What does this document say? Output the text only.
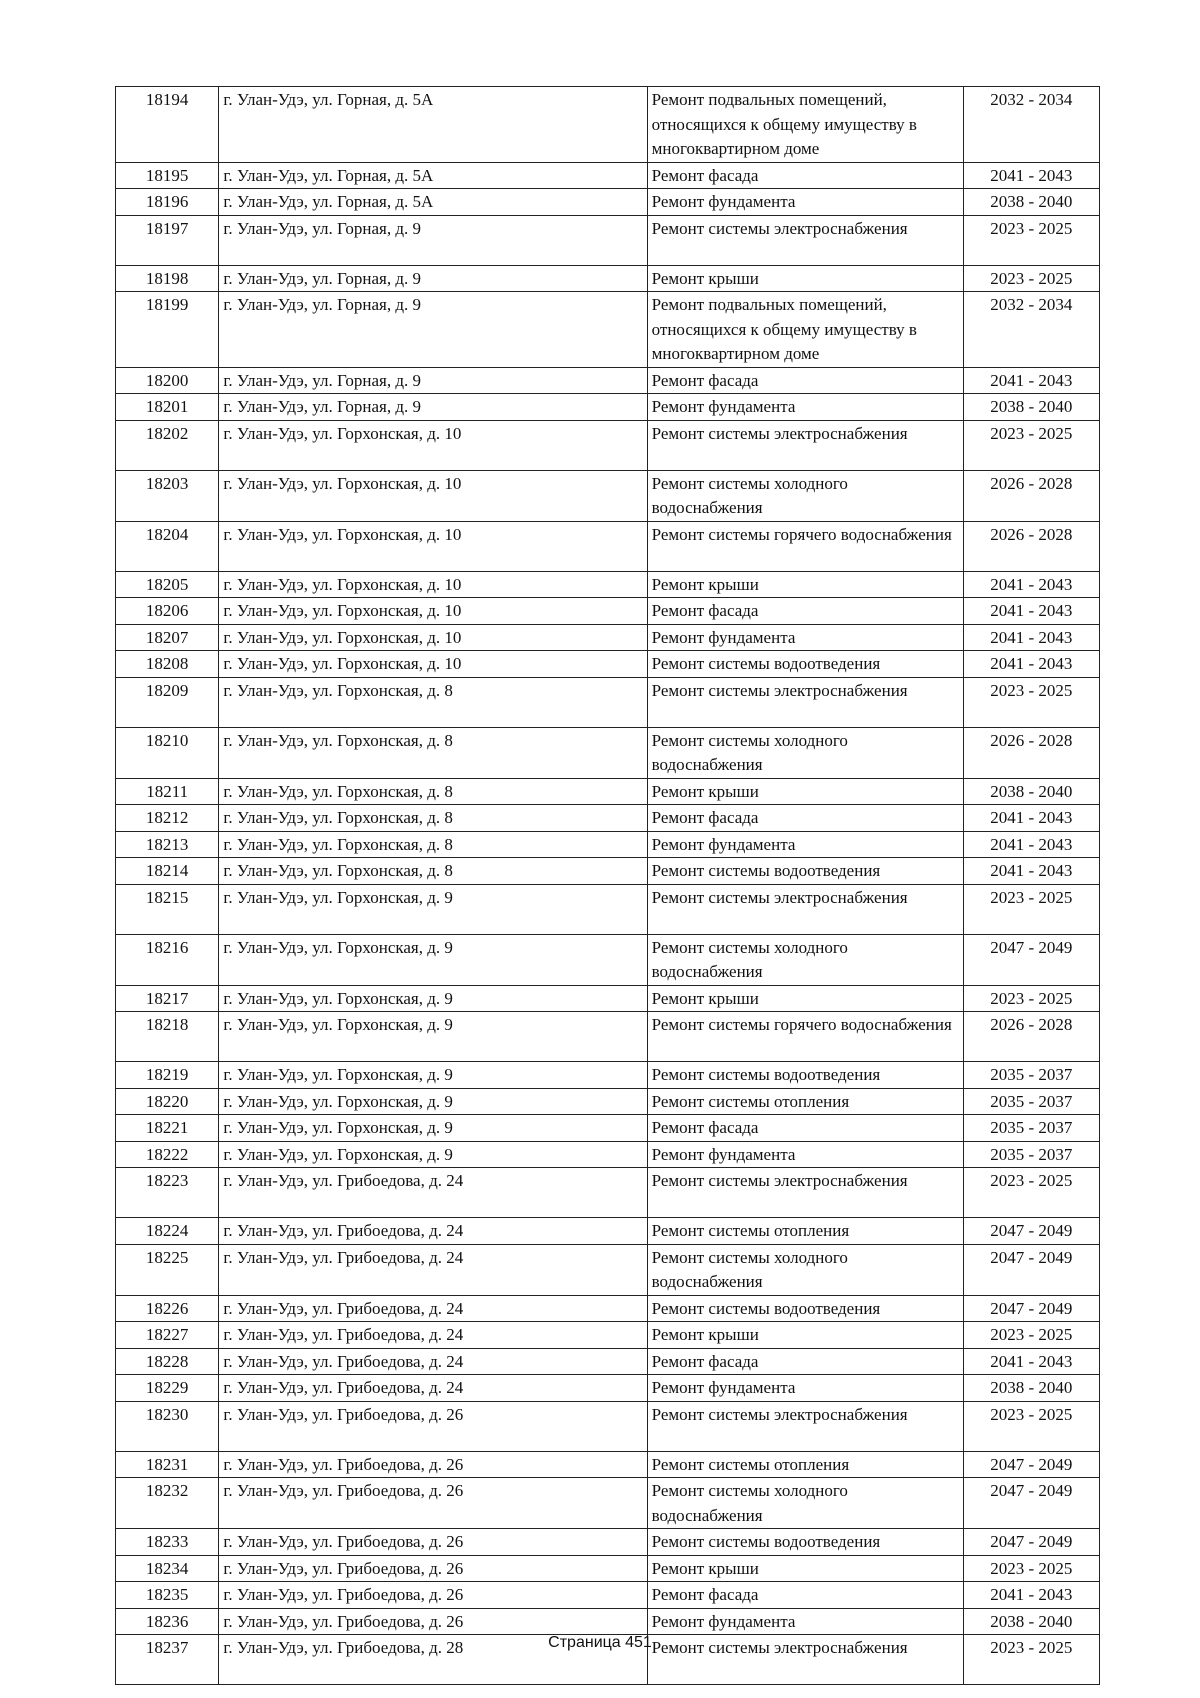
18194	г. Улан-Удэ, ул. Горная, д. 5А	Ремонт подвальных помещений, относящихся к общему имуществу в многоквартирном доме	2032 - 2034
18195	г. Улан-Удэ, ул. Горная, д. 5А	Ремонт фасада	2041 - 2043
18196	г. Улан-Удэ, ул. Горная, д. 5А	Ремонт фундамента	2038 - 2040
18197	г. Улан-Удэ, ул. Горная, д. 9	Ремонт системы электроснабжения	2023 - 2025
18198	г. Улан-Удэ, ул. Горная, д. 9	Ремонт крыши	2023 - 2025
18199	г. Улан-Удэ, ул. Горная, д. 9	Ремонт подвальных помещений, относящихся к общему имуществу в многоквартирном доме	2032 - 2034
18200	г. Улан-Удэ, ул. Горная, д. 9	Ремонт фасада	2041 - 2043
18201	г. Улан-Удэ, ул. Горная, д. 9	Ремонт фундамента	2038 - 2040
18202	г. Улан-Удэ, ул. Горхонская, д. 10	Ремонт системы электроснабжения	2023 - 2025
18203	г. Улан-Удэ, ул. Горхонская, д. 10	Ремонт системы холодного водоснабжения	2026 - 2028
18204	г. Улан-Удэ, ул. Горхонская, д. 10	Ремонт системы горячего водоснабжения	2026 - 2028
18205	г. Улан-Удэ, ул. Горхонская, д. 10	Ремонт крыши	2041 - 2043
18206	г. Улан-Удэ, ул. Горхонская, д. 10	Ремонт фасада	2041 - 2043
18207	г. Улан-Удэ, ул. Горхонская, д. 10	Ремонт фундамента	2041 - 2043
18208	г. Улан-Удэ, ул. Горхонская, д. 10	Ремонт системы водоотведения	2041 - 2043
18209	г. Улан-Удэ, ул. Горхонская, д. 8	Ремонт системы электроснабжения	2023 - 2025
18210	г. Улан-Удэ, ул. Горхонская, д. 8	Ремонт системы холодного водоснабжения	2026 - 2028
18211	г. Улан-Удэ, ул. Горхонская, д. 8	Ремонт крыши	2038 - 2040
18212	г. Улан-Удэ, ул. Горхонская, д. 8	Ремонт фасада	2041 - 2043
18213	г. Улан-Удэ, ул. Горхонская, д. 8	Ремонт фундамента	2041 - 2043
18214	г. Улан-Удэ, ул. Горхонская, д. 8	Ремонт системы водоотведения	2041 - 2043
18215	г. Улан-Удэ, ул. Горхонская, д. 9	Ремонт системы электроснабжения	2023 - 2025
18216	г. Улан-Удэ, ул. Горхонская, д. 9	Ремонт системы холодного водоснабжения	2047 - 2049
18217	г. Улан-Удэ, ул. Горхонская, д. 9	Ремонт крыши	2023 - 2025
18218	г. Улан-Удэ, ул. Горхонская, д. 9	Ремонт системы горячего водоснабжения	2026 - 2028
18219	г. Улан-Удэ, ул. Горхонская, д. 9	Ремонт системы водоотведения	2035 - 2037
18220	г. Улан-Удэ, ул. Горхонская, д. 9	Ремонт системы отопления	2035 - 2037
18221	г. Улан-Удэ, ул. Горхонская, д. 9	Ремонт фасада	2035 - 2037
18222	г. Улан-Удэ, ул. Горхонская, д. 9	Ремонт фундамента	2035 - 2037
18223	г. Улан-Удэ, ул. Грибоедова, д. 24	Ремонт системы электроснабжения	2023 - 2025
18224	г. Улан-Удэ, ул. Грибоедова, д. 24	Ремонт системы отопления	2047 - 2049
18225	г. Улан-Удэ, ул. Грибоедова, д. 24	Ремонт системы холодного водоснабжения	2047 - 2049
18226	г. Улан-Удэ, ул. Грибоедова, д. 24	Ремонт системы водоотведения	2047 - 2049
18227	г. Улан-Удэ, ул. Грибоедова, д. 24	Ремонт крыши	2023 - 2025
18228	г. Улан-Удэ, ул. Грибоедова, д. 24	Ремонт фасада	2041 - 2043
18229	г. Улан-Удэ, ул. Грибоедова, д. 24	Ремонт фундамента	2038 - 2040
18230	г. Улан-Удэ, ул. Грибоедова, д. 26	Ремонт системы электроснабжения	2023 - 2025
18231	г. Улан-Удэ, ул. Грибоедова, д. 26	Ремонт системы отопления	2047 - 2049
18232	г. Улан-Удэ, ул. Грибоедова, д. 26	Ремонт системы холодного водоснабжения	2047 - 2049
18233	г. Улан-Удэ, ул. Грибоедова, д. 26	Ремонт системы водоотведения	2047 - 2049
18234	г. Улан-Удэ, ул. Грибоедова, д. 26	Ремонт крыши	2023 - 2025
18235	г. Улан-Удэ, ул. Грибоедова, д. 26	Ремонт фасада	2041 - 2043
18236	г. Улан-Удэ, ул. Грибоедова, д. 26	Ремонт фундамента	2038 - 2040
18237	г. Улан-Удэ, ул. Грибоедова, д. 28	Ремонт системы электроснабжения	2023 - 2025
Страница 451
